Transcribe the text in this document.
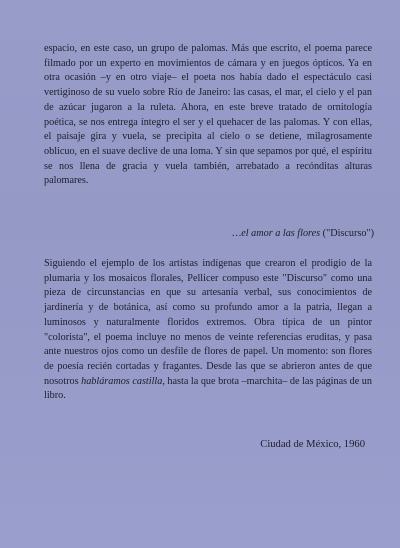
espacio, en este caso, un grupo de palomas. Más que escrito, el poema parece filmado por un experto en movimientos de cámara y en juegos ópticos. Ya en otra ocasión –y en otro viaje– el poeta nos había dado el espectáculo casi vertiginoso de su vuelo sobre Río de Janeiro: las casas, el mar, el cielo y el pan de azúcar jugaron a la ruleta. Ahora, en este breve tratado de ornitología poética, se nos entrega íntegro el ser y el quehacer de las palomas. Y con ellas, el paisaje gira y vuela, se precipita al cielo o se detiene, milagrosamente oblicuo, en el suave declive de una loma. Y sin que sepamos por qué, el espíritu se nos llena de gracia y vuela también, arrebatado a recónditas alturas palomares.

…el amor a las flores ("Discurso")

Siguiendo el ejemplo de los artistas indígenas que crearon el prodigio de la plumaria y los mosaicos florales, Pellicer compuso este "Discurso" como una pieza de circunstancias en que su artesanía verbal, sus conocimientos de jardinería y de botánica, así como su profundo amor a la patria, llegan a luminosos y naturalmente floridos extremos. Obra típica de un pintor "colorista", el poema incluye no menos de veinte referencias eruditas, y pasa ante nuestros ojos como un desfile de flores de papel. Un momento: son flores de poesía recién cortadas y fragantes. Desde las que se abrieron antes de que nosotros habláramos castilla, hasta la que brota –marchita– de las páginas de un libro.

Ciudad de México, 1960
